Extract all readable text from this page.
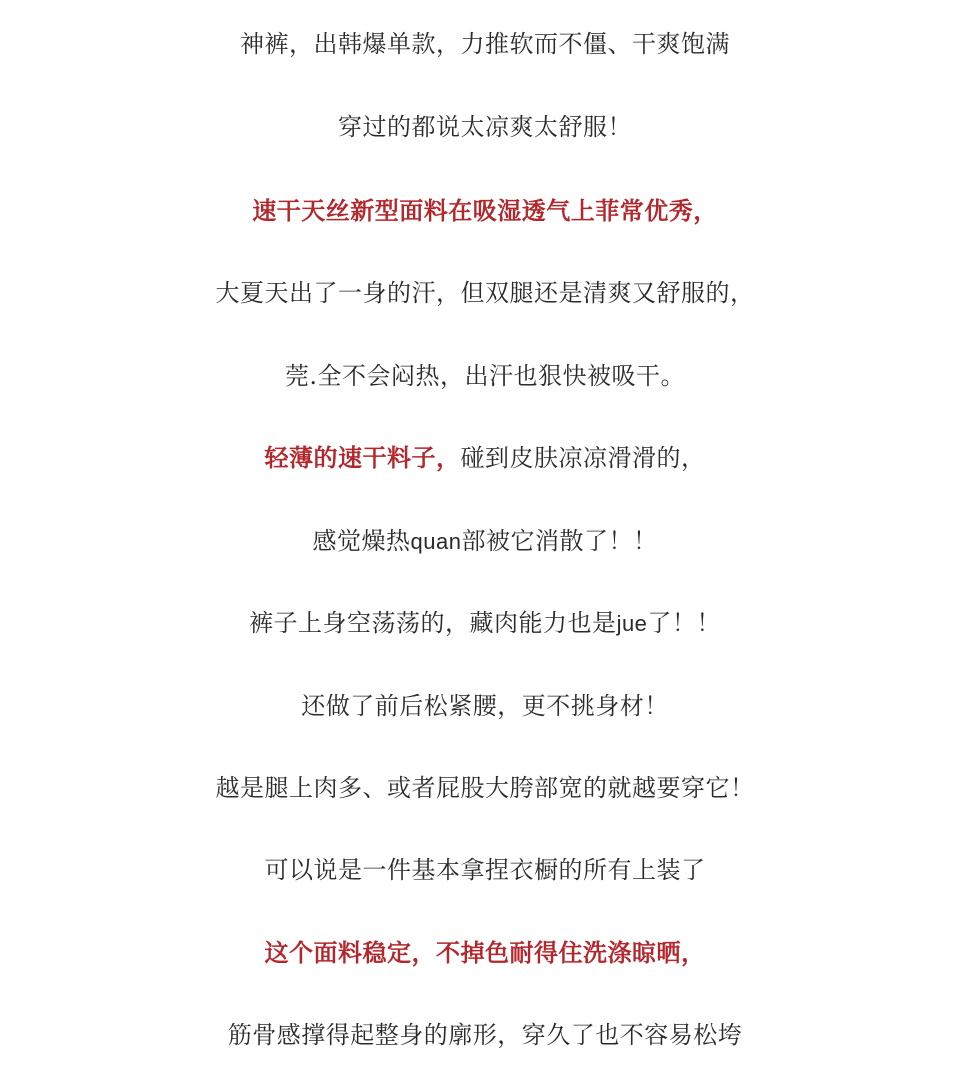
神裤，出韩爆单款，力推软而不僵、干爽饱满
穿过的都说太凉爽太舒服！
速干天丝新型面料在吸湿透气上菲常优秀，
大夏天出了一身的汗，但双腿还是清爽又舒服的，
莞.全不会闷热，出汗也狠快被吸干。
轻薄的速干料子，碰到皮肤凉凉滑滑的，
感觉燥热quan部被它消散了！！
裤子上身空荡荡的，藏肉能力也是jue了！！
还做了前后松紧腰，更不挑身材！
越是腿上肉多、或者屁股大胯部宽的就越要穿它！
可以说是一件基本拿捏衣橱的所有上装了
这个面料稳定，不掉色耐得住洗涤晾晒，
筋骨感撑得起整身的廓形，穿久了也不容易松垮
